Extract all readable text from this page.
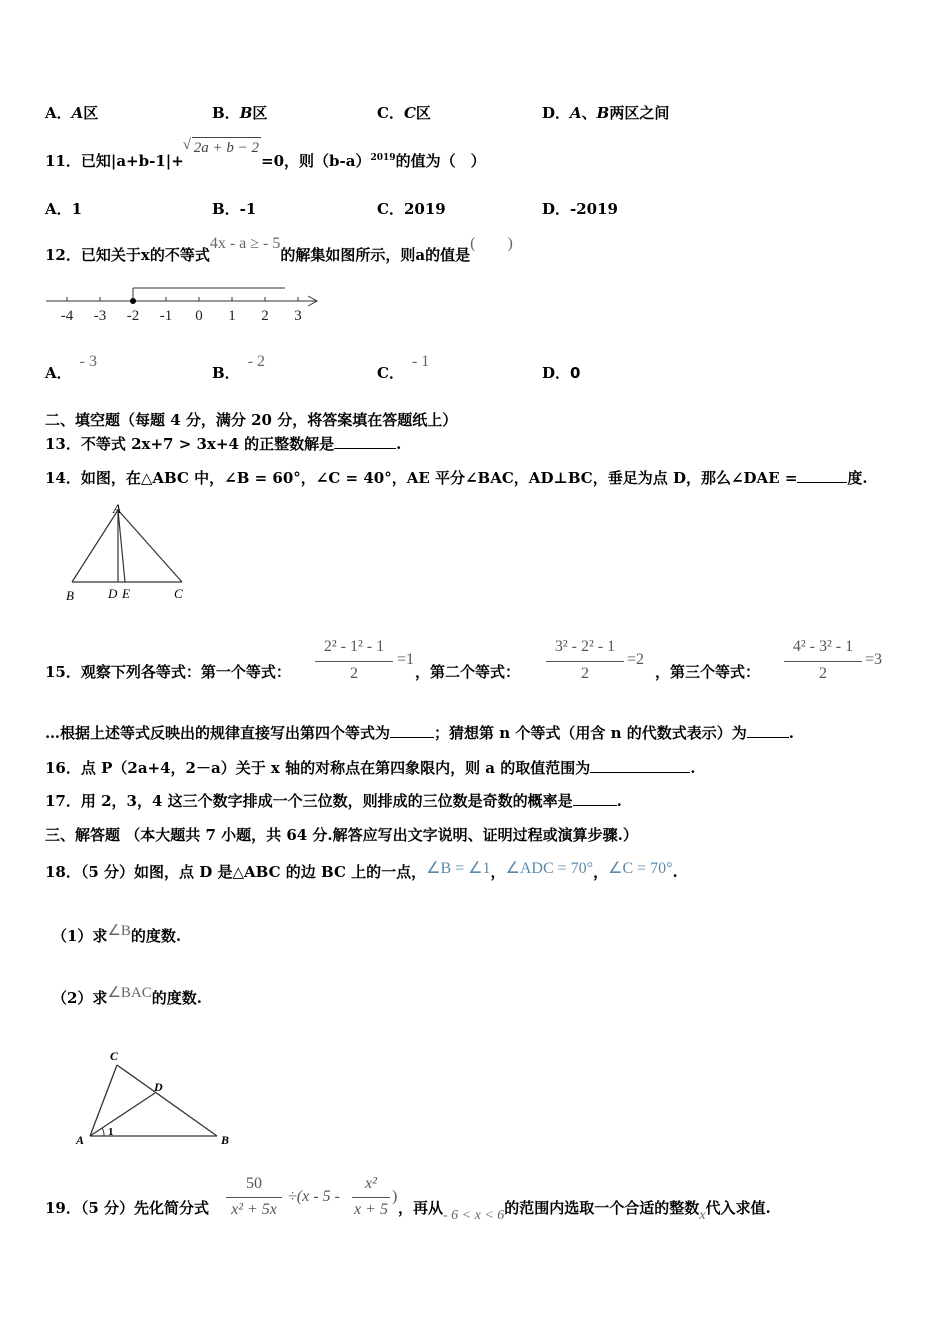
A．A区	B．B区	C．C区	D．A、B两区之间
11．已知|a+b-1|+
√ 2a + b − 2=0，则$(b-a)^{2019}$的值为（　）
A．1	B．-1	C．2019	D．-2019
12．已知关于x的不等式4x - a ≥ - 5的解集如图所示，则a的值是(　　)
-4 -3 -2 -1 0 1 2 3
A．- 3
B．- 2
C．- 1
D．0
二、填空题（每题 4 分，满分 20 分，将答案填在答题纸上）
13．不等式 2x+7 > 3x+4 的正整数解是	.
14．如图，在△ABC 中，∠B = 60°，∠C = 40°，AE 平分∠BAC，AD⊥BC，垂足为点 D，那么∠DAE =	度.
A
B	D E	C
15．观察下列各等式：第一个等式：
2² - 1² - 1
2
=1
，第二个等式：
3² - 2² - 1
2
=2
，第三个等式：
4² - 3² - 1
2
=3
…根据上述等式反映出的规律直接写出第四个等式为	；猜想第 n 个等式（用含 n 的代数式表示）为	.
16．点 P（2a+4，2－a）关于 x 轴的对称点在第四象限内，则 a 的取值范围为	.
17．用 2，3，4 这三个数字排成一个三位数，则排成的三位数是奇数的概率是	.
三、解答题 （本大题共 7 小题，共 64 分.解答应写出文字说明、证明过程或演算步骤.）
18．（5 分）如图，点 D 是△ABC 的边 BC 上的一点，∠B = ∠1，∠ADC = 70°，∠C = 70°.
（1）求∠B的度数.
（2）求∠BAC的度数.
C
D
A	B
1
19．（5 分）先化简分式
50
x² + 5x
÷(x - 5 -
x²
x + 5
)
，再从- 6 < x < 6的范围内选取一个合适的整数x代入求值.
